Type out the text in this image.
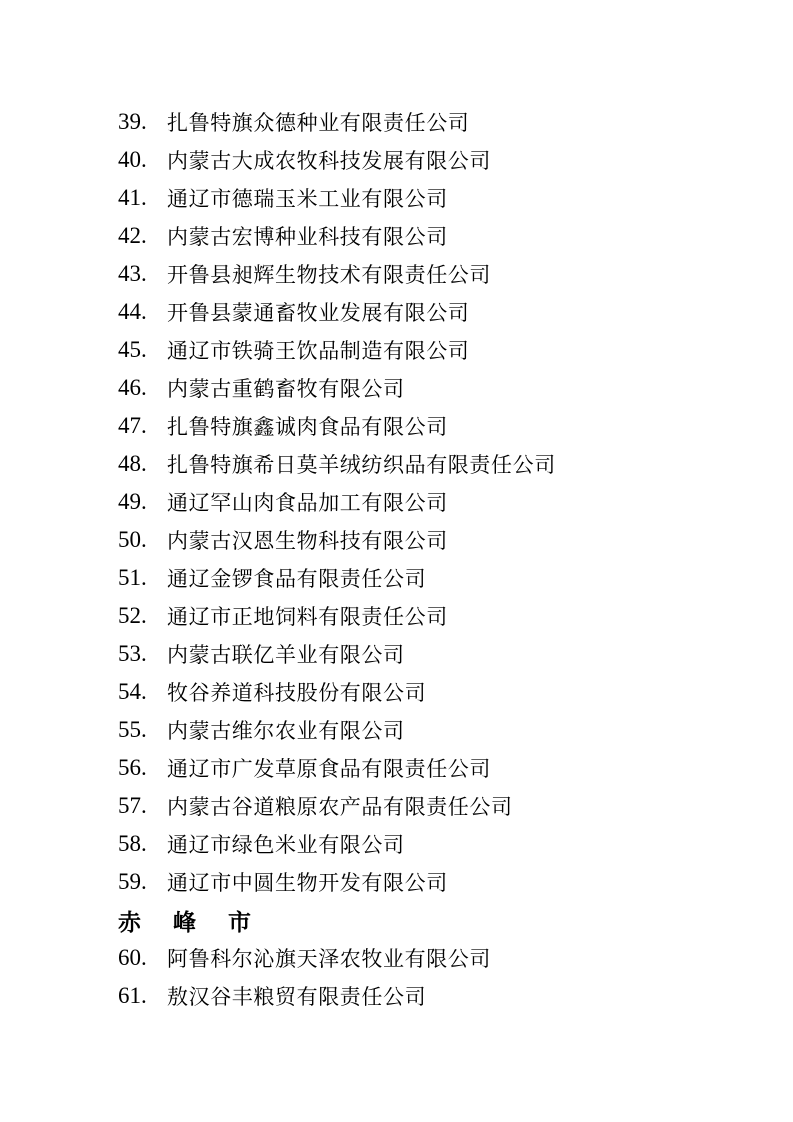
39. 扎鲁特旗众德种业有限责任公司
40. 内蒙古大成农牧科技发展有限公司
41. 通辽市德瑞玉米工业有限公司
42. 内蒙古宏博种业科技有限公司
43. 开鲁县昶辉生物技术有限责任公司
44. 开鲁县蒙通畜牧业发展有限公司
45. 通辽市铁骑王饮品制造有限公司
46. 内蒙古重鹤畜牧有限公司
47. 扎鲁特旗鑫诚肉食品有限公司
48. 扎鲁特旗希日莫羊绒纺织品有限责任公司
49. 通辽罕山肉食品加工有限公司
50. 内蒙古汉恩生物科技有限公司
51. 通辽金锣食品有限责任公司
52. 通辽市正地饲料有限责任公司
53. 内蒙古联亿羊业有限公司
54. 牧谷养道科技股份有限公司
55. 内蒙古维尔农业有限公司
56. 通辽市广发草原食品有限责任公司
57. 内蒙古谷道粮原农产品有限责任公司
58. 通辽市绿色米业有限公司
59. 通辽市中圆生物开发有限公司
赤峰市
60. 阿鲁科尔沁旗天泽农牧业有限公司
61. 敖汉谷丰粮贸有限责任公司
